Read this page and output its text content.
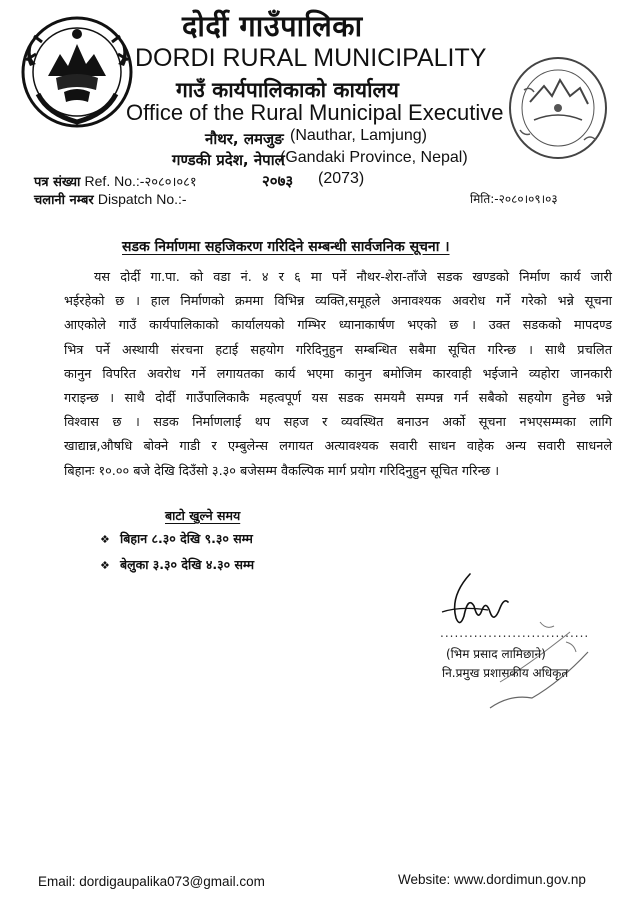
दोर्दी गाउँपालिका
DORDI RURAL MUNICIPALITY
गाउँ कार्यपालिकाको कार्यालय
Office of the Rural Municipal Executive
नौथर, लमजुङ (Nauthar, Lamjung)
गण्डकी प्रदेश, नेपाल
(Gandaki Province, Nepal)
२०७३ (2073)
पत्र संख्या Ref. No.:-२०८०।०८१
चलानी नम्बर Dispatch No.:-	मिति:-२०८०।०९।०३
सडक निर्माणमा सहजिकरण गरिदिने सम्बन्धी सार्वजनिक सूचना ।
यस दोर्दी गा.पा. को वडा नं. ४ र ६ मा पर्ने नौथर-शेरा-ताँजे सडक खण्डको निर्माण कार्य जारी
भईरहेको छ । हाल निर्माणको क्रममा विभिन्न व्यक्ति,समूहले अनावश्यक अवरोध गर्ने गरेको भन्ने सूचना
आएकोले गाउँ कार्यपालिकाको कार्यालयको गम्भिर ध्यानाकार्षण भएको छ । उक्त सडकको मापदण्ड
भित्र पर्ने अस्थायी संरचना हटाई सहयोग गरिदिनुहुन सम्बन्धित सबैमा सूचित गरिन्छ । साथै प्रचलित
कानुन विपरित अवरोध गर्ने लगायतका कार्य भएमा कानुन बमोजिम कारवाही भईजाने व्यहोरा जानकारी
गराइन्छ । साथै दोर्दी गाउँपालिकाकै महत्वपूर्ण यस सडक समयमै सम्पन्न गर्न सबैको सहयोग हुनेछ भन्ने
विश्वास छ । सडक निर्माणलाई थप सहज र व्यवस्थित बनाउन अर्को सूचना नभएसम्मका लागि
खाद्यान्न,औषधि बोक्ने गाडी र एम्बुलेन्स लगायत अत्यावश्यक सवारी साधन वाहेक अन्य सवारी साधनले
बिहानः १०.०० बजे देखि दिउँसो ३.३० बजेसम्म वैकल्पिक मार्ग प्रयोग गरिदिनुहुन सूचित गरिन्छ ।
बाटो खुल्ने समय
❖ बिहान ८.३० देखि ९.३० सम्म
❖ बेलुका ३.३० देखि ४.३० सम्म
...............................
(भिम प्रसाद लामिछाने)
नि.प्रमुख प्रशासकीय अधिकृत
Email: dordigaupalika073@gmail.com	Website: www.dordimun.gov.np
